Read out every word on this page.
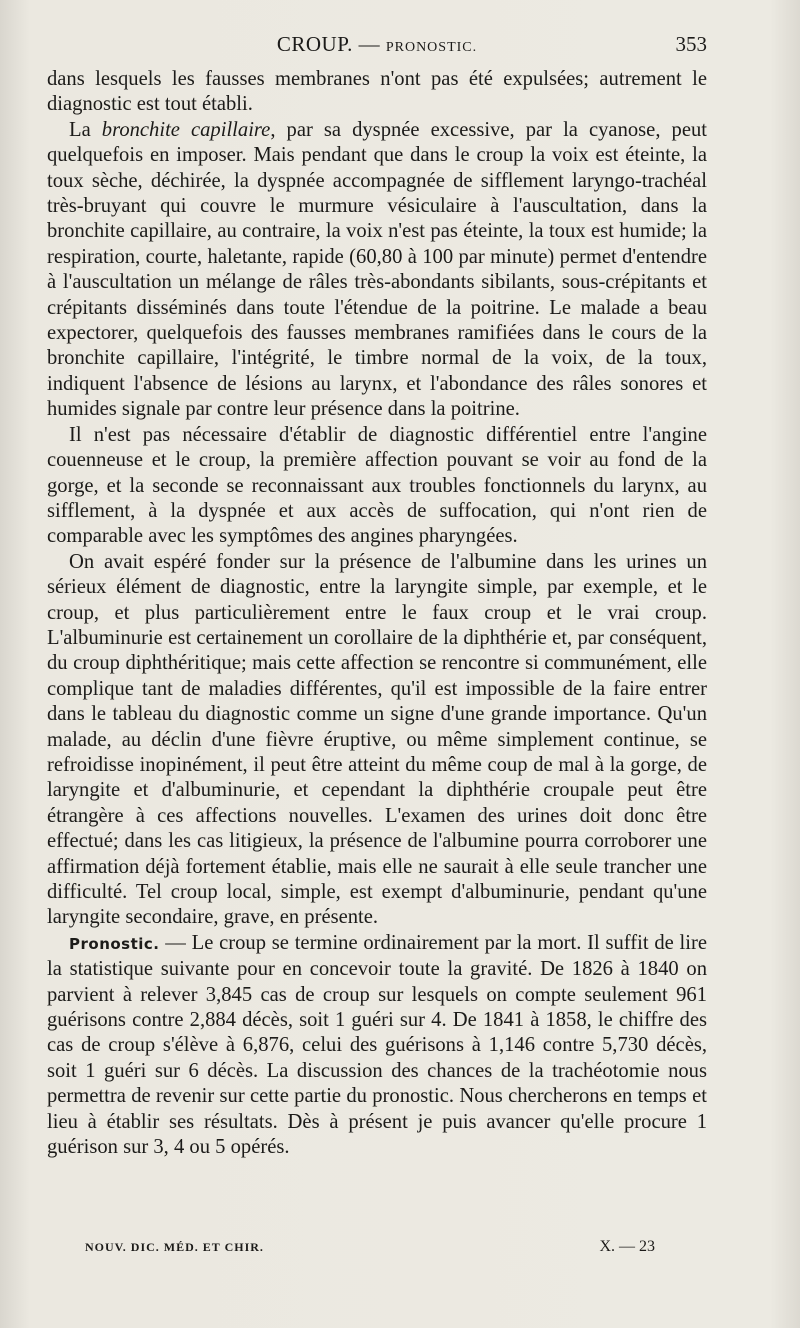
CROUP. — PRONOSTIC.	353

dans lesquels les fausses membranes n'ont pas été expulsées; autrement le diagnostic est tout établi.

La bronchite capillaire, par sa dyspnée excessive, par la cyanose, peut quelquefois en imposer. Mais pendant que dans le croup la voix est éteinte, la toux sèche, déchirée, la dyspnée accompagnée de sifflement laryngo-trachéal très-bruyant qui couvre le murmure vésiculaire à l'auscultation, dans la bronchite capillaire, au contraire, la voix n'est pas éteinte, la toux est humide; la respiration, courte, haletante, rapide (60,80 à 100 par minute) permet d'entendre à l'auscultation un mélange de râles très-abondants sibilants, sous-crépitants et crépitants disséminés dans toute l'étendue de la poitrine. Le malade a beau expectorer, quelquefois des fausses membranes ramifiées dans le cours de la bronchite capillaire, l'intégrité, le timbre normal de la voix, de la toux, indiquent l'absence de lésions au larynx, et l'abondance des râles sonores et humides signale par contre leur présence dans la poitrine.

Il n'est pas nécessaire d'établir de diagnostic différentiel entre l'angine couenneuse et le croup, la première affection pouvant se voir au fond de la gorge, et la seconde se reconnaissant aux troubles fonctionnels du larynx, au sifflement, à la dyspnée et aux accès de suffocation, qui n'ont rien de comparable avec les symptômes des angines pharyngées.

On avait espéré fonder sur la présence de l'albumine dans les urines un sérieux élément de diagnostic, entre la laryngite simple, par exemple, et le croup, et plus particulièrement entre le faux croup et le vrai croup. L'albuminurie est certainement un corollaire de la diphthérie et, par conséquent, du croup diphthéritique; mais cette affection se rencontre si communément, elle complique tant de maladies différentes, qu'il est impossible de la faire entrer dans le tableau du diagnostic comme un signe d'une grande importance. Qu'un malade, au déclin d'une fièvre éruptive, ou même simplement continue, se refroidisse inopinément, il peut être atteint du même coup de mal à la gorge, de laryngite et d'albuminurie, et cependant la diphthérie croupale peut être étrangère à ces affections nouvelles. L'examen des urines doit donc être effectué; dans les cas litigieux, la présence de l'albumine pourra corroborer une affirmation déjà fortement établie, mais elle ne saurait à elle seule trancher une difficulté. Tel croup local, simple, est exempt d'albuminurie, pendant qu'une laryngite secondaire, grave, en présente.

Pronostic. — Le croup se termine ordinairement par la mort. Il suffit de lire la statistique suivante pour en concevoir toute la gravité. De 1826 à 1840 on parvient à relever 3,845 cas de croup sur lesquels on compte seulement 961 guérisons contre 2,884 décès, soit 1 guéri sur 4. De 1841 à 1858, le chiffre des cas de croup s'élève à 6,876, celui des guérisons à 1,146 contre 5,730 décès, soit 1 guéri sur 6 décès. La discussion des chances de la trachéotomie nous permettra de revenir sur cette partie du pronostic. Nous chercherons en temps et lieu à établir ses résultats. Dès à présent je puis avancer qu'elle procure 1 guérison sur 3, 4 ou 5 opérés.

NOUV. DIC. MÉD. ET CHIR.	X. — 23
